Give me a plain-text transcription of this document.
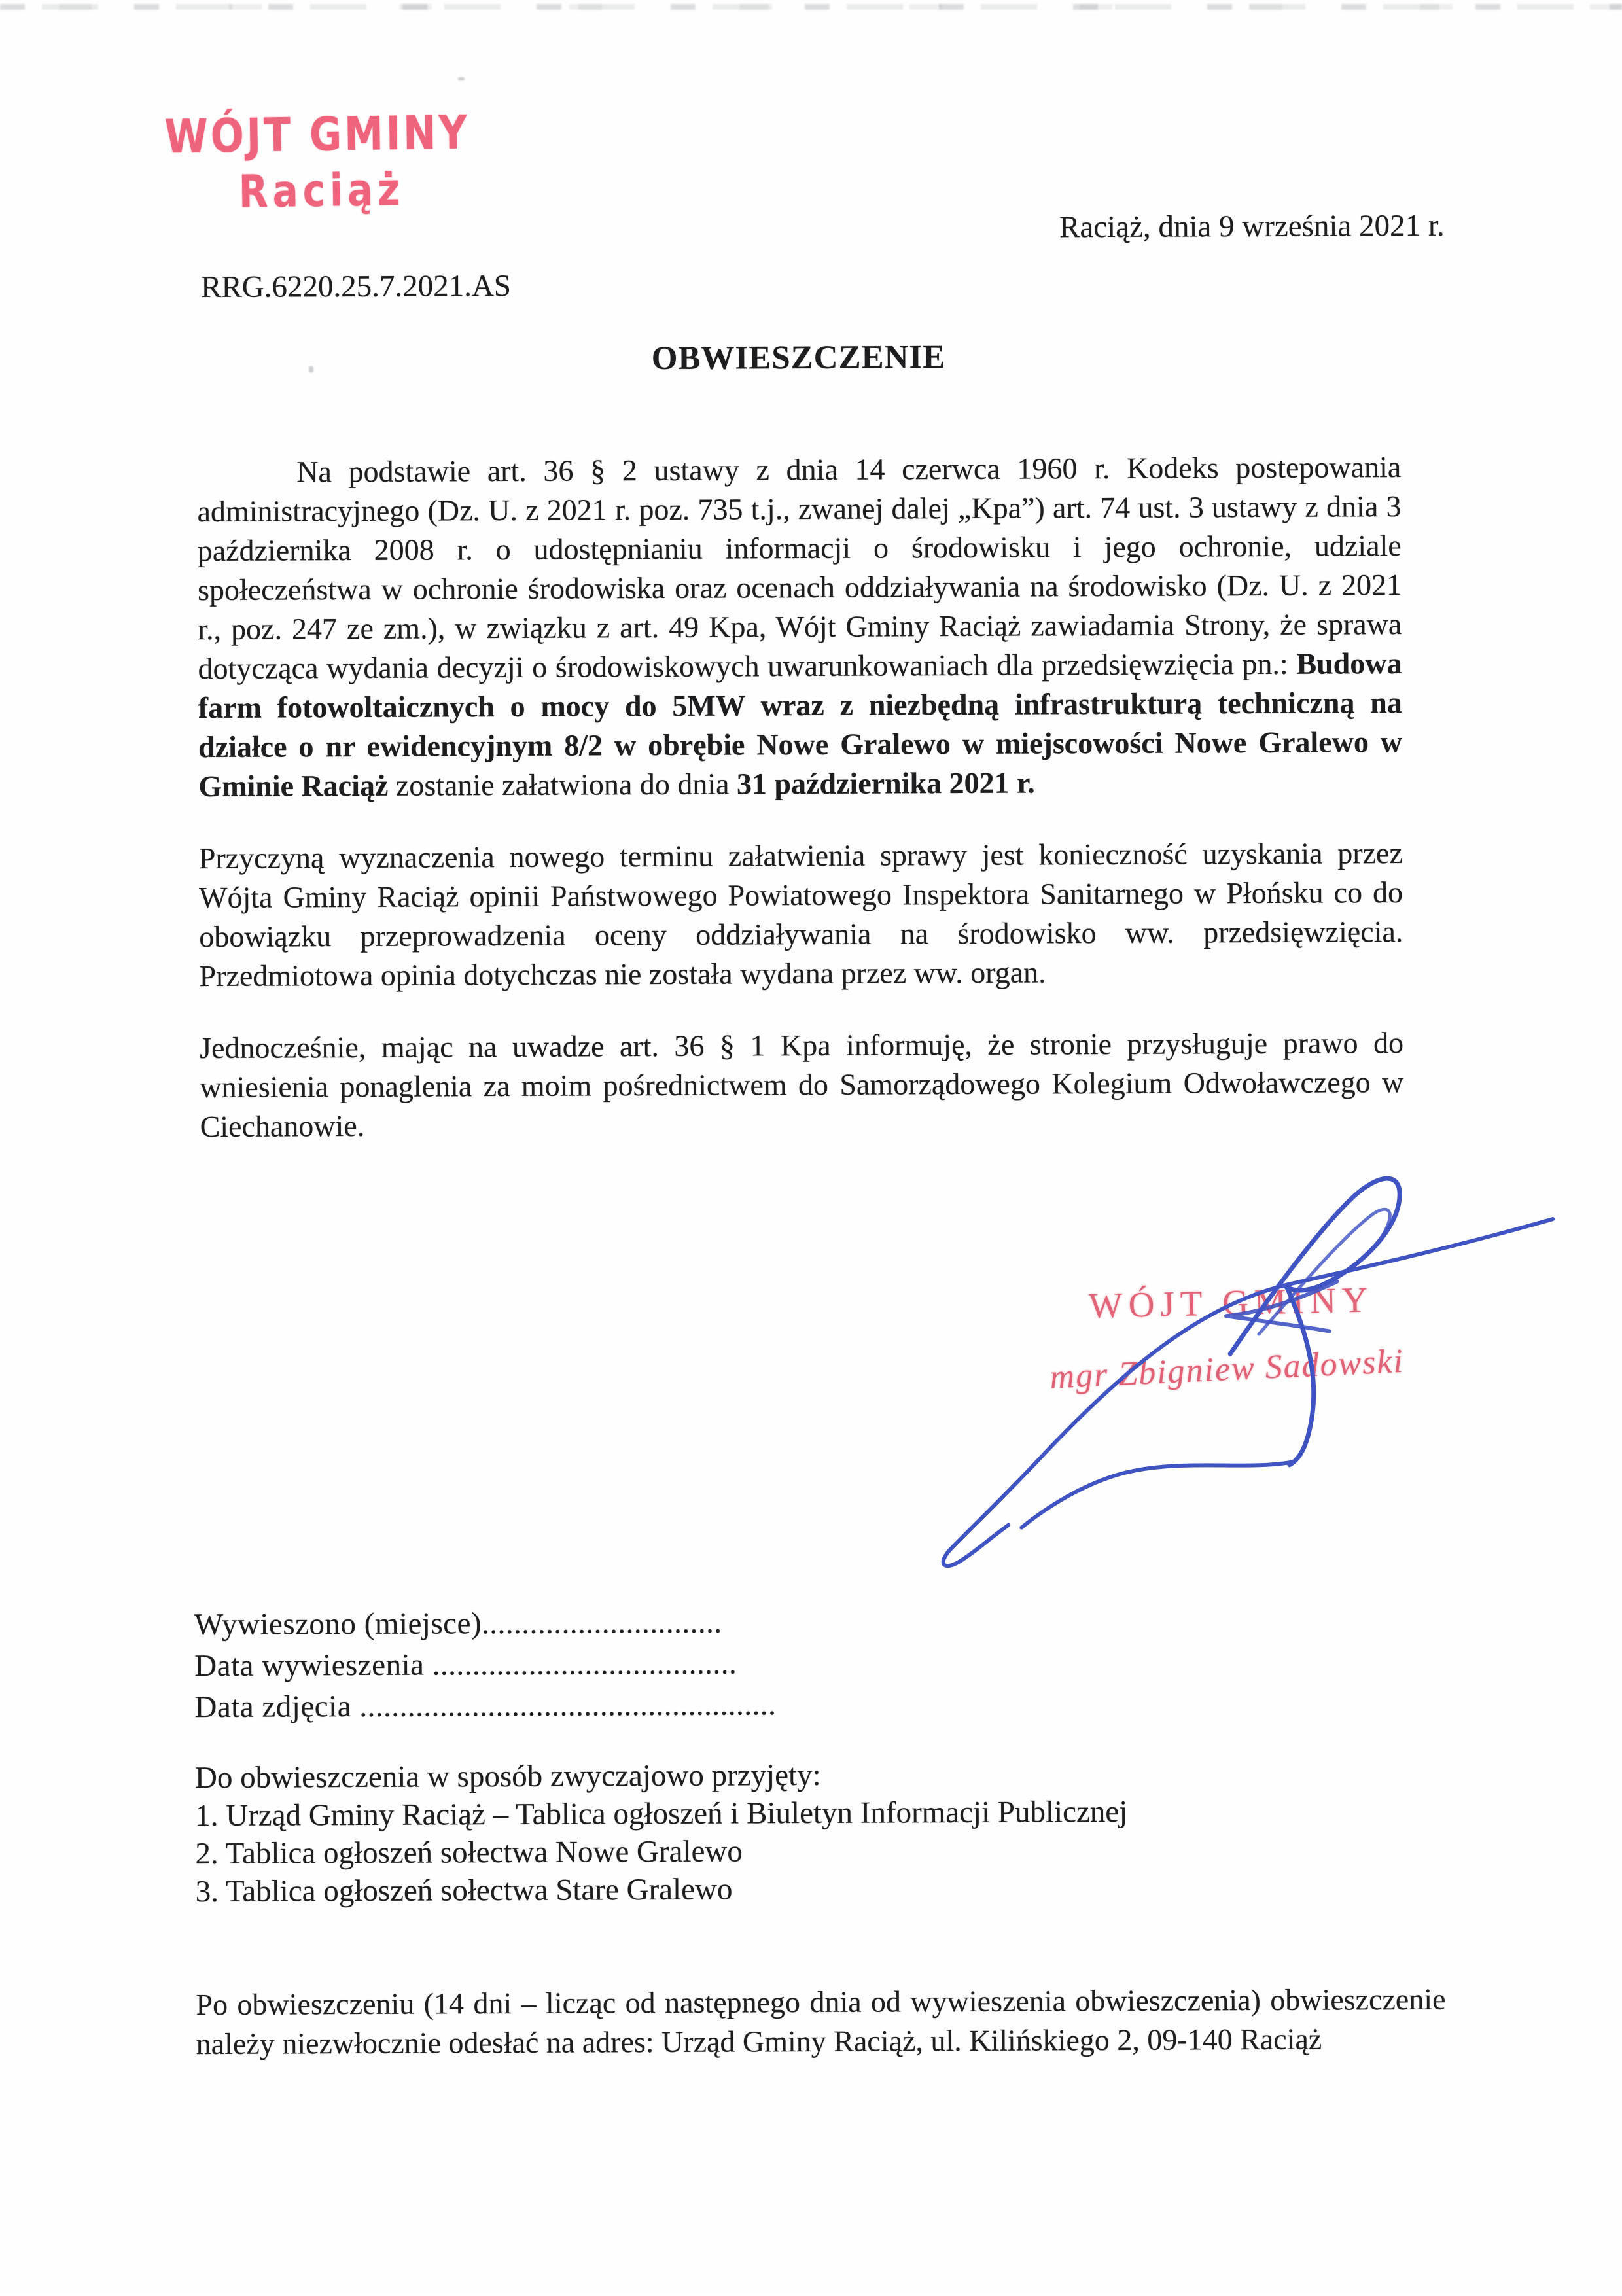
WÓJT GMINY
Raciąż
Raciąż, dnia 9 września 2021 r.
RRG.6220.25.7.2021.AS
OBWIESZCZENIE

Na podstawie art. 36 § 2 ustawy z dnia 14 czerwca 1960 r. Kodeks postepowania administracyjnego (Dz. U. z 2021 r. poz. 735 t.j., zwanej dalej „Kpa”) art. 74 ust. 3 ustawy z dnia 3 października 2008 r. o udostępnianiu informacji o środowisku i jego ochronie, udziale społeczeństwa w ochronie środowiska oraz ocenach oddziaływania na środowisko (Dz. U. z 2021 r., poz. 247 ze zm.), w związku z art. 49 Kpa, Wójt Gminy Raciąż zawiadamia Strony, że sprawa dotycząca wydania decyzji o środowiskowych uwarunkowaniach dla przedsięwzięcia pn.: Budowa farm fotowoltaicznych o mocy do 5MW wraz z niezbędną infrastrukturą techniczną na działce o nr ewidencyjnym 8/2 w obrębie Nowe Gralewo w miejscowości Nowe Gralewo w Gminie Raciąż zostanie załatwiona do dnia 31 października 2021 r.

Przyczyną wyznaczenia nowego terminu załatwienia sprawy jest konieczność uzyskania przez Wójta Gminy Raciąż opinii Państwowego Powiatowego Inspektora Sanitarnego w Płońsku co do obowiązku przeprowadzenia oceny oddziaływania na środowisko ww. przedsięwzięcia. Przedmiotowa opinia dotychczas nie została wydana przez ww. organ.

Jednocześnie, mając na uwadze art. 36 § 1 Kpa informuję, że stronie przysługuje prawo do wniesienia ponaglenia za moim pośrednictwem do Samorządowego Kolegium Odwoławczego w Ciechanowie.

WÓJT GMINY
mgr Zbigniew Sadowski
Wywieszono (miejsce)..............................
Data wywieszenia ......................................
Data zdjęcia ....................................................
Do obwieszczenia w sposób zwyczajowo przyjęty:
1. Urząd Gminy Raciąż – Tablica ogłoszeń i Biuletyn Informacji Publicznej
2. Tablica ogłoszeń sołectwa Nowe Gralewo
3. Tablica ogłoszeń sołectwa Stare Gralewo
Po obwieszczeniu (14 dni – licząc od następnego dnia od wywieszenia obwieszczenia) obwieszczenie należy niezwłocznie odesłać na adres: Urząd Gminy Raciąż, ul. Kilińskiego 2, 09-140 Raciąż
